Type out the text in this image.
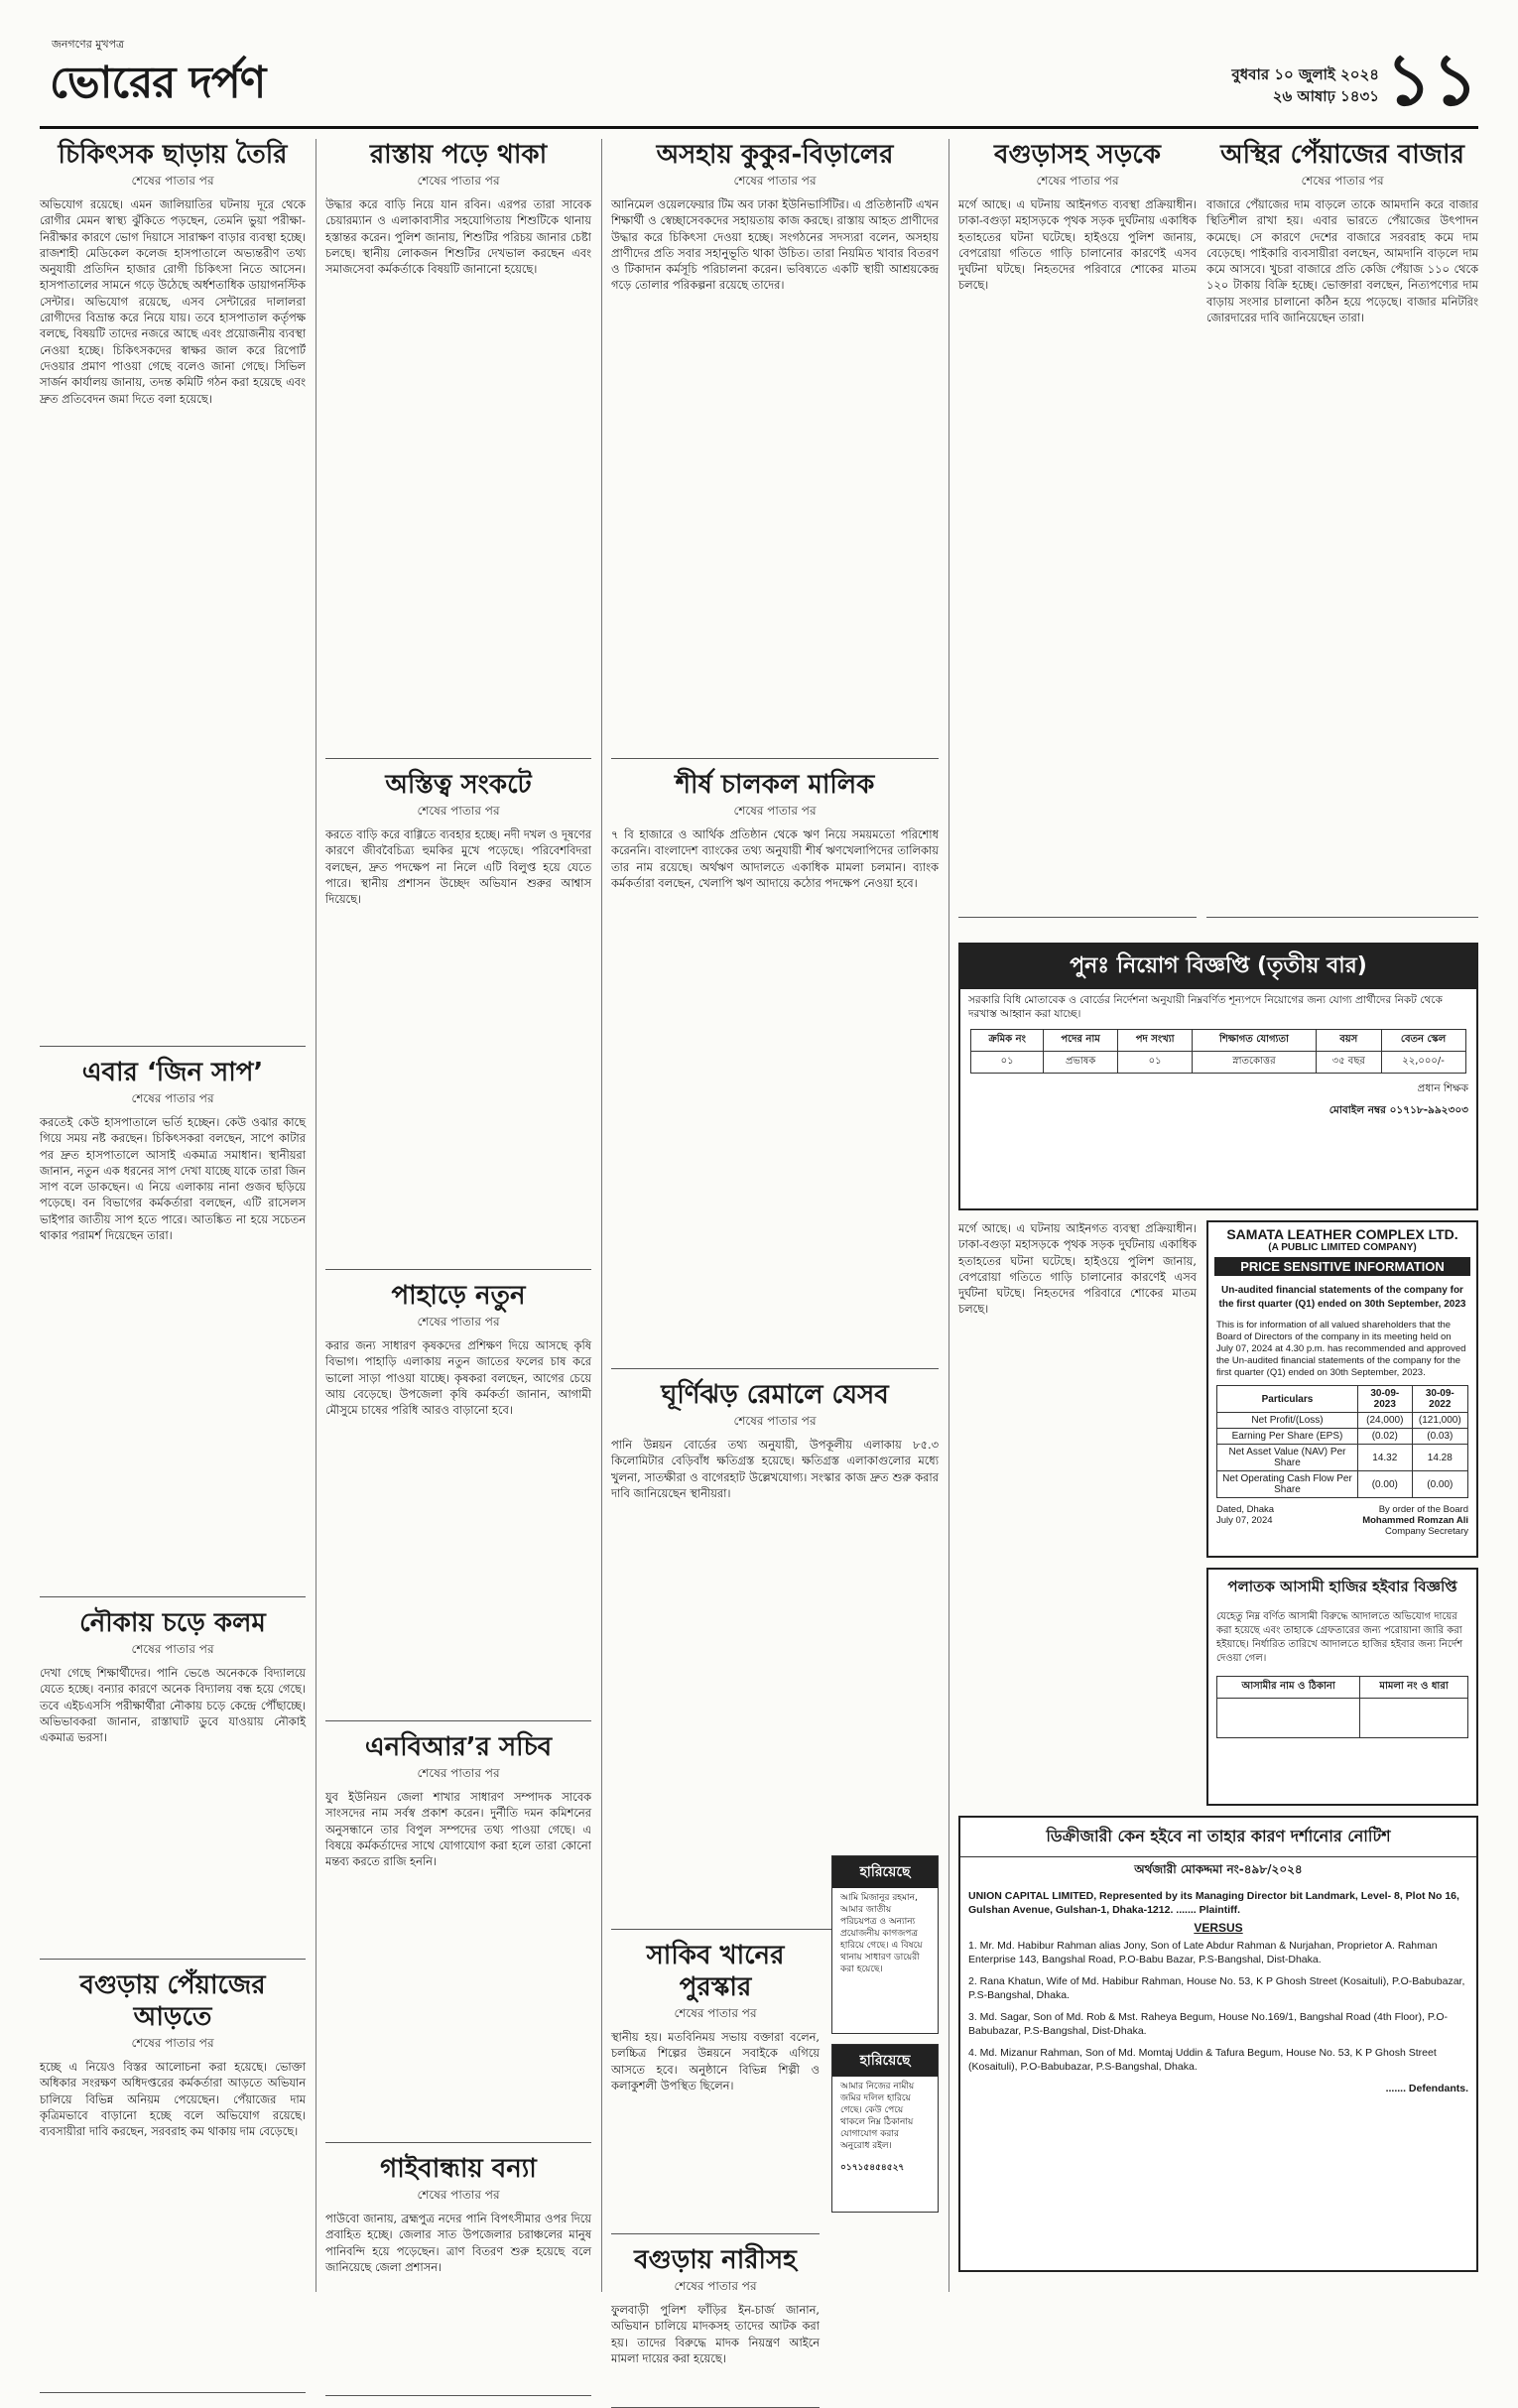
জনগণের মুখপত্র
ভোরের দর্পণ	বুধবার ১০ জুলাই ২০২৪
২৬ আষাঢ় ১৪৩১ ১১
চিকিৎসক ছাড়ায় তৈরি
শেষের পাতার পর
অভিযোগ রয়েছে। এমন জালিয়াতির ঘটনায় দূরে থেকে রোগীর মেমন স্বাস্থ্য ঝুঁকিতে পড়ছেন, তেমনি ভুয়া পরীক্ষা-নিরীক্ষার কারণে ভোগ দিয়াসে সারাক্ষণ বাড়ার ব্যবস্থা হচ্ছে। রাজশাহী মেডিকেল কলেজ হাসপাতালে অভ্যন্তরীণ তথ্য অনুযায়ী প্রতিদিন হাজার রোগী চিকিৎসা নিতে আসেন। হাসপাতালের সামনে গড়ে উঠেছে অর্ধশতাধিক ডায়াগনস্টিক সেন্টার। অভিযোগ রয়েছে, এসব সেন্টারের দালালরা রোগীদের বিভ্রান্ত করে নিয়ে যায়। তবে হাসপাতাল কর্তৃপক্ষ বলছে, বিষয়টি তাদের নজরে আছে এবং প্রয়োজনীয় ব্যবস্থা নেওয়া হচ্ছে। চিকিৎসকদের স্বাক্ষর জাল করে রিপোর্ট দেওয়ার প্রমাণ পাওয়া গেছে বলেও জানা গেছে। সিভিল সার্জন কার্যালয় জানায়, তদন্ত কমিটি গঠন করা হয়েছে এবং দ্রুত প্রতিবেদন জমা দিতে বলা হয়েছে।
এবার ‘জিন সাপ’
শেষের পাতার পর
করতেই কেউ হাসপাতালে ভর্তি হচ্ছেন। কেউ ওঝার কাছে গিয়ে সময় নষ্ট করছেন। চিকিৎসকরা বলছেন, সাপে কাটার পর দ্রুত হাসপাতালে আসাই একমাত্র সমাধান। স্থানীয়রা জানান, নতুন এক ধরনের সাপ দেখা যাচ্ছে যাকে তারা জিন সাপ বলে ডাকছেন। এ নিয়ে এলাকায় নানা গুজব ছড়িয়ে পড়েছে। বন বিভাগের কর্মকর্তারা বলছেন, এটি রাসেলস ভাইপার জাতীয় সাপ হতে পারে। আতঙ্কিত না হয়ে সচেতন থাকার পরামর্শ দিয়েছেন তারা।
নৌকায় চড়ে কলম
শেষের পাতার পর
দেখা গেছে শিক্ষার্থীদের। পানি ভেঙে অনেককে বিদ্যালয়ে যেতে হচ্ছে। বন্যার কারণে অনেক বিদ্যালয় বন্ধ হয়ে গেছে। তবে এইচএসসি পরীক্ষার্থীরা নৌকায় চড়ে কেন্দ্রে পৌঁছাচ্ছে। অভিভাবকরা জানান, রাস্তাঘাট ডুবে যাওয়ায় নৌকাই একমাত্র ভরসা।
বগুড়ায় পেঁয়াজের আড়তে
শেষের পাতার পর
হচ্ছে এ নিয়েও বিস্তর আলোচনা করা হয়েছে। ভোক্তা অধিকার সংরক্ষণ অধিদপ্তরের কর্মকর্তারা আড়তে অভিযান চালিয়ে বিভিন্ন অনিয়ম পেয়েছেন। পেঁয়াজের দাম কৃত্রিমভাবে বাড়ানো হচ্ছে বলে অভিযোগ রয়েছে। ব্যবসায়ীরা দাবি করছেন, সরবরাহ কম থাকায় দাম বেড়েছে।
রাস্তায় পড়ে থাকা
শেষের পাতার পর
উদ্ধার করে বাড়ি নিয়ে যান রবিন। এরপর তারা সাবেক চেয়ারম্যান ও এলাকাবাসীর সহযোগিতায় শিশুটিকে থানায় হস্তান্তর করেন। পুলিশ জানায়, শিশুটির পরিচয় জানার চেষ্টা চলছে। স্থানীয় লোকজন শিশুটির দেখভাল করছেন এবং সমাজসেবা কর্মকর্তাকে বিষয়টি জানানো হয়েছে।
অস্তিত্ব সংকটে
শেষের পাতার পর
করতে বাড়ি করে বাগ্গিতে ব্যবহার হচ্ছে। নদী দখল ও দূষণের কারণে জীববৈচিত্র্য হুমকির মুখে পড়েছে। পরিবেশবিদরা বলছেন, দ্রুত পদক্ষেপ না নিলে এটি বিলুপ্ত হয়ে যেতে পারে। স্থানীয় প্রশাসন উচ্ছেদ অভিযান শুরুর আশ্বাস দিয়েছে।
পাহাড়ে নতুন
শেষের পাতার পর
করার জন্য সাধারণ কৃষকদের প্রশিক্ষণ দিয়ে আসছে কৃষি বিভাগ। পাহাড়ি এলাকায় নতুন জাতের ফলের চাষ করে ভালো সাড়া পাওয়া যাচ্ছে। কৃষকরা বলছেন, আগের চেয়ে আয় বেড়েছে। উপজেলা কৃষি কর্মকর্তা জানান, আগামী মৌসুমে চাষের পরিধি আরও বাড়ানো হবে।
এনবিআর’র সচিব
শেষের পাতার পর
যুব ইউনিয়ন জেলা শাখার সাধারণ সম্পাদক সাবেক সাংসদের নাম সর্বস্ব প্রকাশ করেন। দুর্নীতি দমন কমিশনের অনুসন্ধানে তার বিপুল সম্পদের তথ্য পাওয়া গেছে। এ বিষয়ে কর্মকর্তাদের সাথে যোগাযোগ করা হলে তারা কোনো মন্তব্য করতে রাজি হননি।
গাইবান্ধায় বন্যা
শেষের পাতার পর
পাউবো জানায়, ব্রহ্মপুত্র নদের পানি বিপৎসীমার ওপর দিয়ে প্রবাহিত হচ্ছে। জেলার সাত উপজেলার চরাঞ্চলের মানুষ পানিবন্দি হয়ে পড়েছেন। ত্রাণ বিতরণ শুরু হয়েছে বলে জানিয়েছে জেলা প্রশাসন।
অসহায় কুকুর-বিড়ালের
শেষের পাতার পর
আনিমেল ওয়েলফেয়ার টিম অব ঢাকা ইউনিভার্সিটির। এ প্রতিষ্ঠানটি এখন শিক্ষার্থী ও স্বেচ্ছাসেবকদের সহায়তায় কাজ করছে। রাস্তায় আহত প্রাণীদের উদ্ধার করে চিকিৎসা দেওয়া হচ্ছে। সংগঠনের সদস্যরা বলেন, অসহায় প্রাণীদের প্রতি সবার সহানুভূতি থাকা উচিত। তারা নিয়মিত খাবার বিতরণ ও টিকাদান কর্মসূচি পরিচালনা করেন। ভবিষ্যতে একটি স্থায়ী আশ্রয়কেন্দ্র গড়ে তোলার পরিকল্পনা রয়েছে তাদের।
শীর্ষ চালকল মালিক
শেষের পাতার পর
৭ বি হাজারে ও আর্থিক প্রতিষ্ঠান থেকে ঋণ নিয়ে সময়মতো পরিশোধ করেননি। বাংলাদেশ ব্যাংকের তথ্য অনুযায়ী শীর্ষ ঋণখেলাপিদের তালিকায় তার নাম রয়েছে। অর্থঋণ আদালতে একাধিক মামলা চলমান। ব্যাংক কর্মকর্তারা বলছেন, খেলাপি ঋণ আদায়ে কঠোর পদক্ষেপ নেওয়া হবে।
ঘূর্ণিঝড় রেমালে যেসব
শেষের পাতার পর
পানি উন্নয়ন বোর্ডের তথ্য অনুযায়ী, উপকূলীয় এলাকায় ৮৫.৩ কিলোমিটার বেড়িবাঁধ ক্ষতিগ্রস্ত হয়েছে। ক্ষতিগ্রস্ত এলাকাগুলোর মধ্যে খুলনা, সাতক্ষীরা ও বাগেরহাট উল্লেখযোগ্য। সংস্কার কাজ দ্রুত শুরু করার দাবি জানিয়েছেন স্থানীয়রা।
সাকিব খানের পুরস্কার
শেষের পাতার পর
স্থানীয় হয়। মতবিনিময় সভায় বক্তারা বলেন, চলচ্চিত্র শিল্পের উন্নয়নে সবাইকে এগিয়ে আসতে হবে। অনুষ্ঠানে বিভিন্ন শিল্পী ও কলাকুশলী উপস্থিত ছিলেন।
বগুড়ায় নারীসহ
শেষের পাতার পর
ফুলবাড়ী পুলিশ ফাঁড়ির ইন-চার্জ জানান, অভিযান চালিয়ে মাদকসহ তাদের আটক করা হয়। তাদের বিরুদ্ধে মাদক নিয়ন্ত্রণ আইনে মামলা দায়ের করা হয়েছে।
হারিয়েছে
আমি মিজানুর রহমান, আমার জাতীয় পরিচয়পত্র ও অন্যান্য প্রয়োজনীয় কাগজপত্র হারিয়ে গেছে। এ বিষয়ে থানায় সাধারণ ডায়েরী করা হয়েছে।
হারিয়েছে
আমার নিজের নামীয় জমির দলিল হারিয়ে গেছে। কেউ পেয়ে থাকলে নিম্ন ঠিকানায় যোগাযোগ করার অনুরোধ রইল।
০১৭১৫৪৫৪৫২৭
বগুড়াসহ সড়কে
শেষের পাতার পর
মর্গে আছে। এ ঘটনায় আইনগত ব্যবস্থা প্রক্রিয়াধীন। ঢাকা-বগুড়া মহাসড়কে পৃথক সড়ক দুর্ঘটনায় একাধিক হতাহতের ঘটনা ঘটেছে। হাইওয়ে পুলিশ জানায়, বেপরোয়া গতিতে গাড়ি চালানোর কারণেই এসব দুর্ঘটনা ঘটছে। নিহতদের পরিবারে শোকের মাতম চলছে।
অস্থির পেঁয়াজের বাজার
শেষের পাতার পর
বাজারে পেঁয়াজের দাম বাড়লে তাকে আমদানি করে বাজার স্থিতিশীল রাখা হয়। এবার ভারতে পেঁয়াজের উৎপাদন কমেছে। সে কারণে দেশের বাজারে সরবরাহ কমে দাম বেড়েছে। পাইকারি ব্যবসায়ীরা বলছেন, আমদানি বাড়লে দাম কমে আসবে। খুচরা বাজারে প্রতি কেজি পেঁয়াজ ১১০ থেকে ১২০ টাকায় বিক্রি হচ্ছে। ভোক্তারা বলছেন, নিত্যপণ্যের দাম বাড়ায় সংসার চালানো কঠিন হয়ে পড়েছে। বাজার মনিটরিং জোরদারের দাবি জানিয়েছেন তারা।
পুনঃ নিয়োগ বিজ্ঞপ্তি (তৃতীয় বার)
সরকারি বিধি মোতাবেক ও বোর্ডের নির্দেশনা অনুযায়ী নিম্নবর্ণিত শূন্যপদে নিয়োগের জন্য যোগ্য প্রার্থীদের নিকট থেকে দরখাস্ত আহ্বান করা যাচ্ছে।
ক্রমিক নং	পদের নাম	পদ সংখ্যা	শিক্ষাগত যোগ্যতা	বয়স	বেতন স্কেল
০১	প্রভাষক	০১	স্নাতকোত্তর	৩৫ বছর	২২,০০০/-
প্রধান শিক্ষক
মোবাইল নম্বর ০১৭১৮-৯৯২৩০৩
SAMATA LEATHER COMPLEX LTD.
(A PUBLIC LIMITED COMPANY)
PRICE SENSITIVE INFORMATION
Un-audited financial statements of the company for the first quarter (Q1) ended on 30th September, 2023
This is for information of all valued shareholders that the Board of Directors of the company in its meeting held on July 07, 2024 at 4.30 p.m. has recommended and approved the Un-audited financial statements of the company for the first quarter (Q1) ended on 30th September, 2023.
Particulars	30-09-2023	30-09-2022
Net Profit/(Loss)	(24,000)	(121,000)
Earning Per Share (EPS)	(0.02)	(0.03)
Net Asset Value (NAV) Per Share	14.32	14.28
Net Operating Cash Flow Per Share	(0.00)	(0.00)
Dated, Dhaka
July 07, 2024
By order of the Board
Mohammed Romzan Ali
Company Secretary
মর্গে আছে। এ ঘটনায় আইনগত ব্যবস্থা প্রক্রিয়াধীন। ঢাকা-বগুড়া মহাসড়কে পৃথক সড়ক দুর্ঘটনায় একাধিক হতাহতের ঘটনা ঘটেছে। হাইওয়ে পুলিশ জানায়, বেপরোয়া গতিতে গাড়ি চালানোর কারণেই এসব দুর্ঘটনা ঘটছে। নিহতদের পরিবারে শোকের মাতম চলছে।
পলাতক আসামী হাজির হইবার বিজ্ঞপ্তি
যেহেতু নিম্ন বর্ণিত আসামী বিরুদ্ধে আদালতে অভিযোগ দায়ের করা হয়েছে এবং তাহাকে গ্রেফতারের জন্য পরোয়ানা জারি করা হইয়াছে। নির্ধারিত তারিখে আদালতে হাজির হইবার জন্য নির্দেশ দেওয়া গেল।
আসামীর নাম ও ঠিকানা	মামলা নং ও ধারা

ডিক্রীজারী কেন হইবে না তাহার কারণ দর্শানোর নোটিশ
অর্থজারী মোকদ্দমা নং-৪৯৮/২০২৪
UNION CAPITAL LIMITED, Represented by its Managing Director bit Landmark, Level- 8, Plot No 16, Gulshan Avenue, Gulshan-1, Dhaka-1212. ....... Plaintiff.
VERSUS
1. Mr. Md. Habibur Rahman alias Jony, Son of Late Abdur Rahman & Nurjahan, Proprietor A. Rahman Enterprise 143, Bangshal Road, P.O-Babu Bazar, P.S-Bangshal, Dist-Dhaka.
2. Rana Khatun, Wife of Md. Habibur Rahman, House No. 53, K P Ghosh Street (Kosaituli), P.O-Babubazar, P.S-Bangshal, Dhaka.
3. Md. Sagar, Son of Md. Rob & Mst. Raheya Begum, House No.169/1, Bangshal Road (4th Floor), P.O- Babubazar, P.S-Bangshal, Dist-Dhaka.
4. Md. Mizanur Rahman, Son of Md. Momtaj Uddin & Tafura Begum, House No. 53, K P Ghosh Street (Kosaituli), P.O-Babubazar, P.S-Bangshal, Dhaka.
....... Defendants.
